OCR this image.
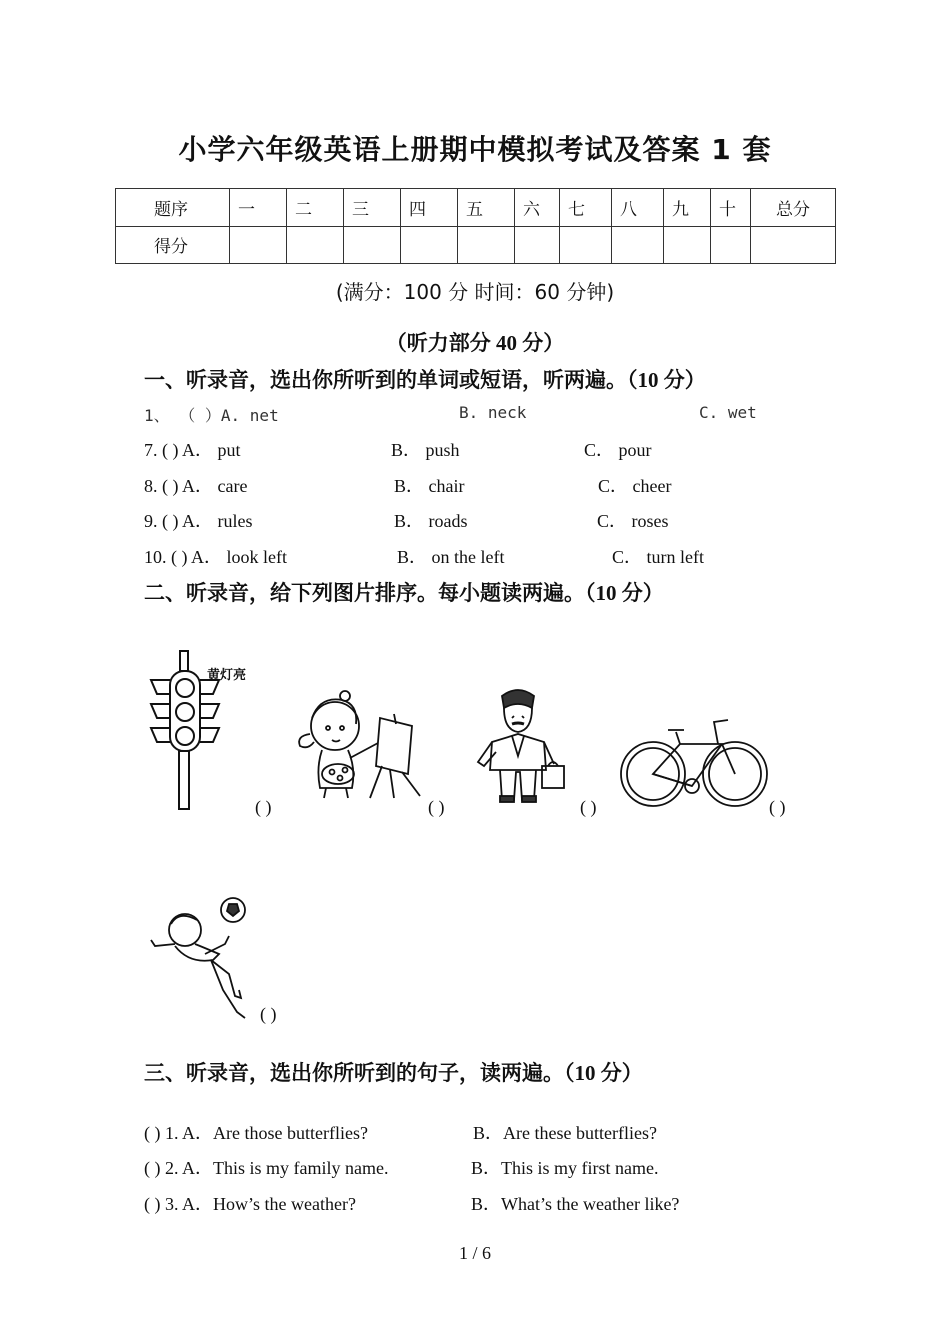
小学六年级英语上册期中模拟考试及答案 1 套
题序	一	二	三	四	五	六	七	八	九	十	总分
得分											
(满分：100 分 时间：60 分钟)
（听力部分 40 分）
一、听录音，选出你所听到的单词或短语，听两遍。（10 分）
1、 （ ）A. net	B. neck	C. wet
7. ( ) A． put	B． push	C． pour
8. ( ) A． care	B． chair	C． cheer
9. ( ) A． rules	B． roads	C． roses
10. ( ) A． look left	B． on the left	C． turn left
二、听录音，给下列图片排序。每小题读两遍。（10 分）
黄灯亮
( )	( )	( )	( )
( )
三、听录音，选出你所听到的句子，读两遍。（10 分）
( ) 1. A．Are those butterflies?	B．Are these butterflies?
( ) 2. A．This is my family name.	B．This is my first name.
( ) 3. A．How’s the weather?	B．What’s the weather like?
1 / 6
